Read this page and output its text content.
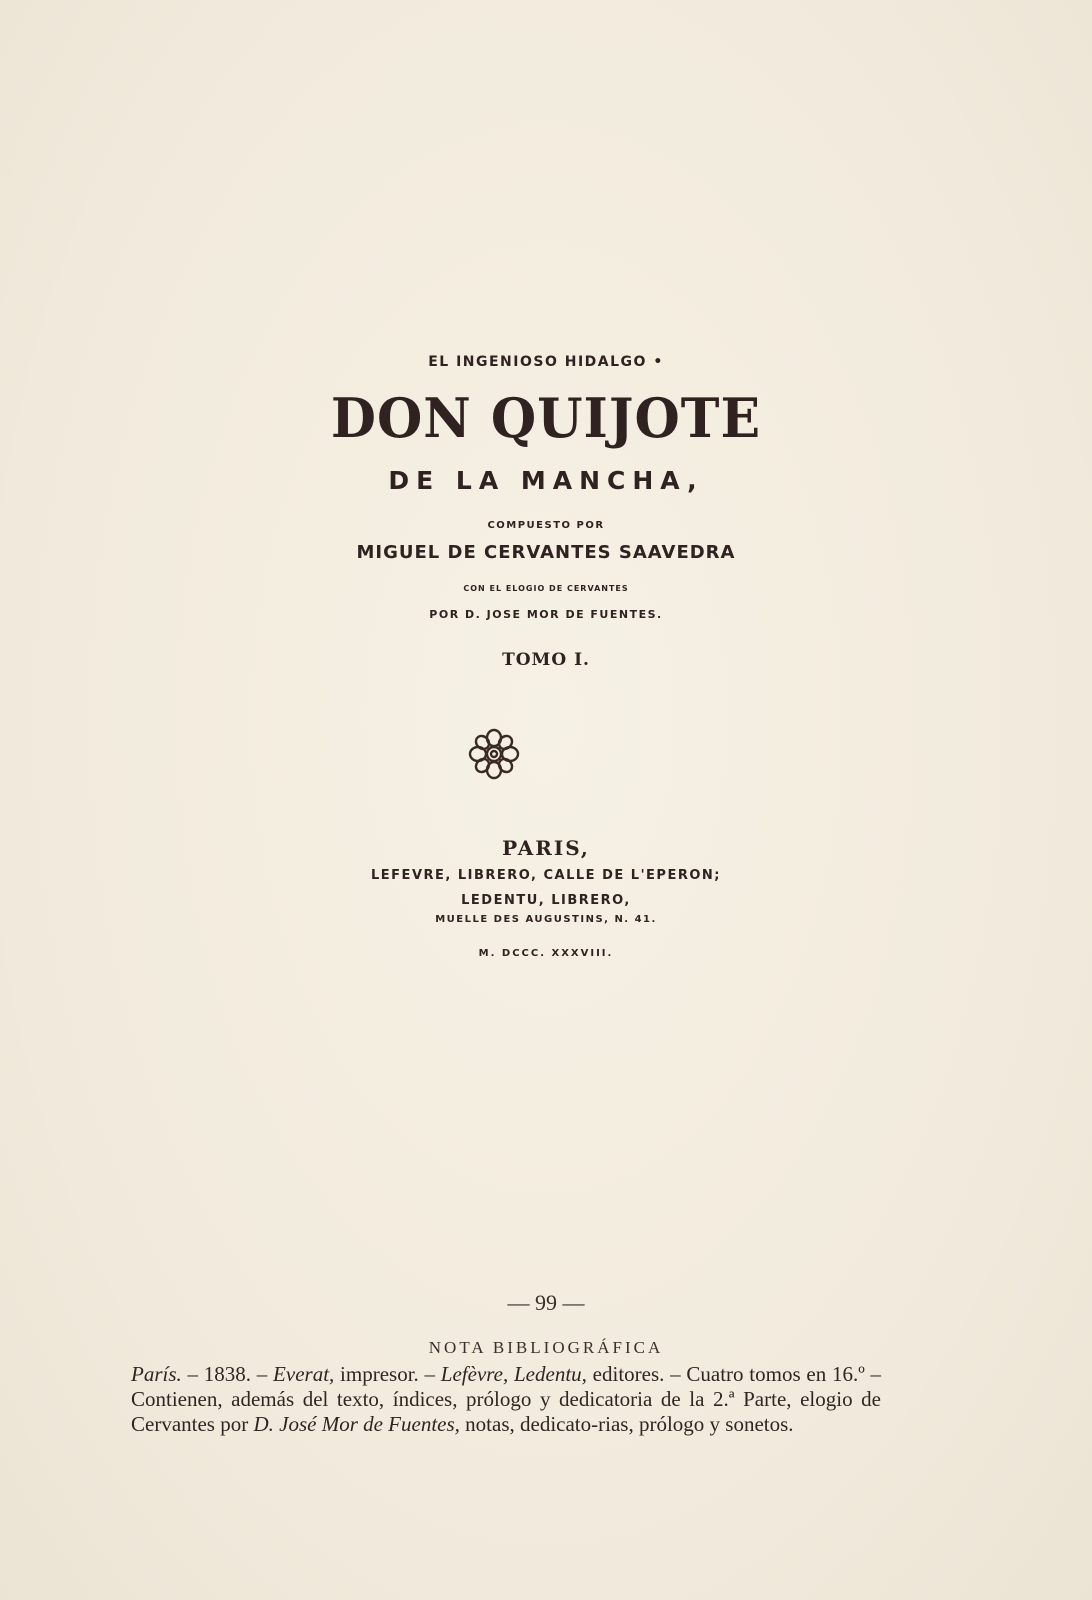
EL INGENIOSO HIDALGO •
DON QUIJOTE
DE LA MANCHA,
COMPUESTO POR
MIGUEL DE CERVANTES SAAVEDRA
CON EL ELOGIO DE CERVANTES
POR D. JOSE MOR DE FUENTES.
TOMO I.
PARIS,
LEFEVRE, LIBRERO, CALLE DE L'EPERON;
LEDENTU, LIBRERO,
MUELLE DES AUGUSTINS, N. 41.
M. DCCC. XXXVIII.
— 99 —
NOTA BIBLIOGRÁFICA
París. – 1838. – Everat, impresor. – Lefèvre, Ledentu, editores. – Cuatro tomos en 16.º – Contienen, además del texto, índices, prólogo y dedicatoria de la 2.ª Parte, elogio de Cervantes por D. José Mor de Fuentes, notas, dedicato-rias, prólogo y sonetos.
